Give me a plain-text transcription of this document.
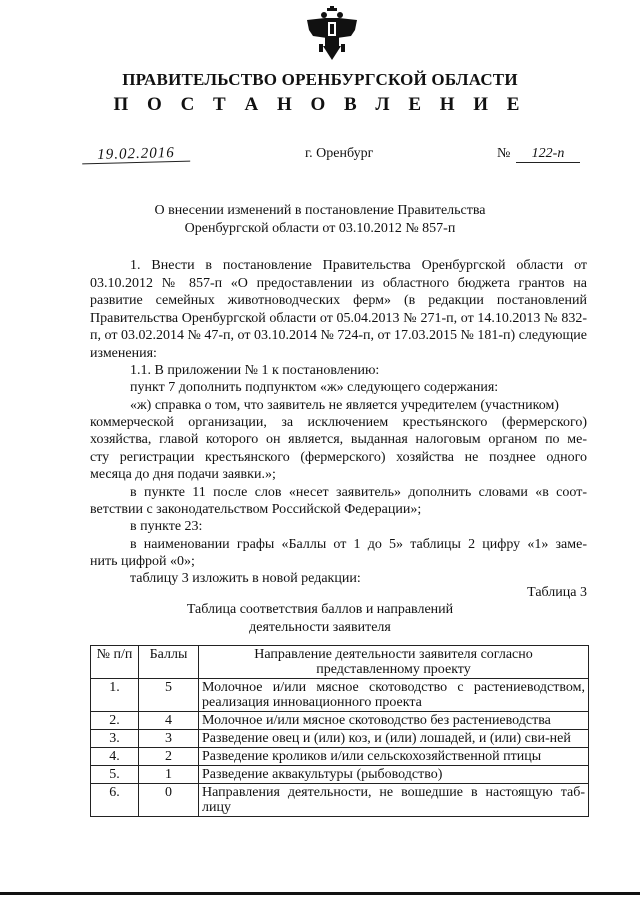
ПРАВИТЕЛЬСТВО ОРЕНБУРГСКОЙ ОБЛАСТИ
П О С Т А Н О В Л Е Н И Е
19.02.2016	г. Оренбург	№	122-п
О внесении изменений в постановление Правительства
Оренбургской области от 03.10.2012 № 857-п
1. Внести в постановление Правительства Оренбургской области от 03.10.2012 № 857-п «О предоставлении из областного бюджета грантов на развитие семейных животноводческих ферм» (в редакции постановлений Правительства Оренбургской области от 05.04.2013 № 271-п, от 14.10.2013 № 832-п, от 03.02.2014 № 47-п, от 03.10.2014 № 724-п, от 17.03.2015 № 181-п) следующие изменения:
1.1. В приложении № 1 к постановлению:
пункт 7 дополнить подпунктом «ж» следующего содержания:
«ж) справка о том, что заявитель не является учредителем (участником)
коммерческой организации, за исключением крестьянского (фермерского)
хозяйства, главой которого он является, выданная налоговым органом по ме-
сту регистрации крестьянского (фермерского) хозяйства не позднее одного
месяца до дня подачи заявки.»;
в пункте 11 после слов «несет заявитель» дополнить словами «в соот-
ветствии с законодательством Российской Федерации»;
в пункте 23:
в наименовании графы «Баллы от 1 до 5» таблицы 2 цифру «1» заме-
нить цифрой «0»;
таблицу 3 изложить в новой редакции:
Таблица 3
Таблица соответствия баллов и направлений
деятельности заявителя
№ п/п	Баллы	Направление деятельности заявителя согласно представленному проекту
1.	5	Молочное и/или мясное скотоводство с растениеводством, реализация инновационного проекта
2.	4	Молочное и/или мясное скотоводство без растениеводства
3.	3	Разведение овец и (или) коз, и (или) лошадей, и (или) сви-ней
4.	2	Разведение кроликов и/или сельскохозяйственной птицы
5.	1	Разведение аквакультуры (рыбоводство)
6.	0	Направления деятельности, не вошедшие в настоящую таб-лицу
